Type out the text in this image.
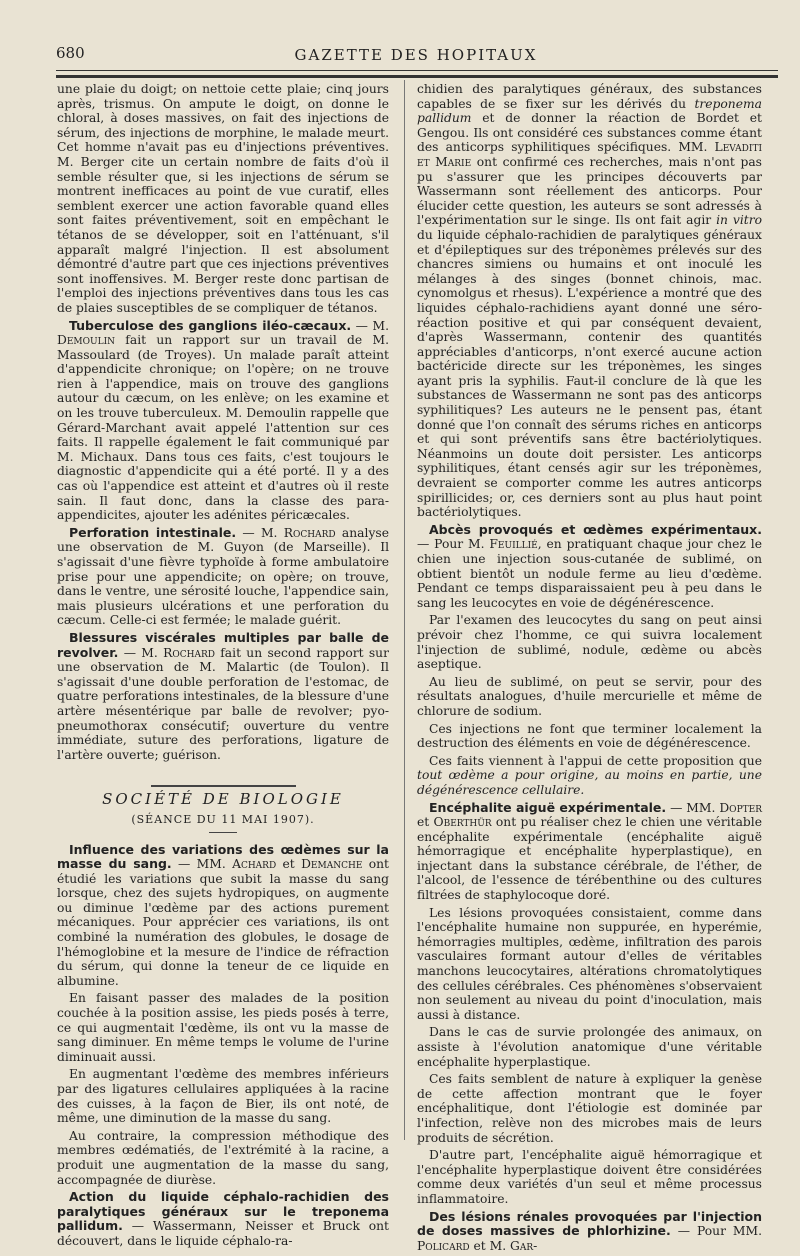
680	GAZETTE DES HOPITAUX

une plaie du doigt; on nettoie cette plaie; cinq jours après, trismus. On ampute le doigt, on donne le chloral, à doses massives, on fait des injections de sérum, des injections de morphine, le malade meurt. Cet homme n'avait pas eu d'injections préventives. M. Berger cite un certain nombre de faits d'où il semble résulter que, si les injections de sérum se montrent inefficaces au point de vue curatif, elles semblent exercer une action favorable quand elles sont faites préventivement, soit en empêchant le tétanos de se développer, soit en l'atténuant, s'il apparaît malgré l'injection. Il est absolument démontré d'autre part que ces injections préventives sont inoffensives. M. Berger reste donc partisan de l'emploi des injections préventives dans tous les cas de plaies susceptibles de se compliquer de tétanos.

Tuberculose des ganglions iléo-cæcaux. — M. Demoulin fait un rapport sur un travail de M. Massoulard (de Troyes). Un malade paraît atteint d'appendicite chronique; on l'opère; on ne trouve rien à l'appendice, mais on trouve des ganglions autour du cæcum, on les enlève; on les examine et on les trouve tuberculeux. M. Demoulin rappelle que Gérard-Marchant avait appelé l'attention sur ces faits. Il rappelle également le fait communiqué par M. Michaux. Dans tous ces faits, c'est toujours le diagnostic d'appendicite qui a été porté. Il y a des cas où l'appendice est atteint et d'autres où il reste sain. Il faut donc, dans la classe des para-appendicites, ajouter les adénites péricæcales.

Perforation intestinale. — M. Rochard analyse une observation de M. Guyon (de Marseille). Il s'agissait d'une fièvre typhoïde à forme ambulatoire prise pour une appendicite; on opère; on trouve, dans le ventre, une sérosité louche, l'appendice sain, mais plusieurs ulcérations et une perforation du cæcum. Celle-ci est fermée; le malade guérit.

Blessures viscérales multiples par balle de revolver. — M. Rochard fait un second rapport sur une observation de M. Malartic (de Toulon). Il s'agissait d'une double perforation de l'estomac, de quatre perforations intestinales, de la blessure d'une artère mésentérique par balle de revolver; pyo-pneumothorax consécutif; ouverture du ventre immédiate, suture des perforations, ligature de l'artère ouverte; guérison.

SOCIÉTÉ DE BIOLOGIE
(SÉANCE DU 11 MAI 1907).

Influence des variations des œdèmes sur la masse du sang. — MM. Achard et Demanche ont étudié les variations que subit la masse du sang lorsque, chez des sujets hydropiques, on augmente ou diminue l'œdème par des actions purement mécaniques. Pour apprécier ces variations, ils ont combiné la numération des globules, le dosage de l'hémoglobine et la mesure de l'indice de réfraction du sérum, qui donne la teneur de ce liquide en albumine.

En faisant passer des malades de la position couchée à la position assise, les pieds posés à terre, ce qui augmentait l'œdème, ils ont vu la masse de sang diminuer. En même temps le volume de l'urine diminuait aussi.

En augmentant l'œdème des membres inférieurs par des ligatures cellulaires appliquées à la racine des cuisses, à la façon de Bier, ils ont noté, de même, une diminution de la masse du sang.

Au contraire, la compression méthodique des membres œdématiés, de l'extrémité à la racine, a produit une augmentation de la masse du sang, accompagnée de diurèse.

Action du liquide céphalo-rachidien des paralytiques généraux sur le treponema pallidum. — Wassermann, Neisser et Bruck ont découvert, dans le liquide céphalo-ra-

chidien des paralytiques généraux, des substances capables de se fixer sur les dérivés du treponema pallidum et de donner la réaction de Bordet et Gengou. Ils ont considéré ces substances comme étant des anticorps syphilitiques spécifiques. MM. Levaditi et Marie ont confirmé ces recherches, mais n'ont pas pu s'assurer que les principes découverts par Wassermann sont réellement des anticorps. Pour élucider cette question, les auteurs se sont adressés à l'expérimentation sur le singe. Ils ont fait agir in vitro du liquide céphalo-rachidien de paralytiques généraux et d'épileptiques sur des tréponèmes prélevés sur des chancres simiens ou humains et ont inoculé les mélanges à des singes (bonnet chinois, mac. cynomolgus et rhesus). L'expérience a montré que des liquides céphalo-rachidiens ayant donné une séro-réaction positive et qui par conséquent devaient, d'après Wassermann, contenir des quantités appréciables d'anticorps, n'ont exercé aucune action bactéricide directe sur les tréponèmes, les singes ayant pris la syphilis. Faut-il conclure de là que les substances de Wassermann ne sont pas des anticorps syphilitiques? Les auteurs ne le pensent pas, étant donné que l'on connaît des sérums riches en anticorps et qui sont préventifs sans être bactériolytiques. Néanmoins un doute doit persister. Les anticorps syphilitiques, étant censés agir sur les tréponèmes, devraient se comporter comme les autres anticorps spirillicides; or, ces derniers sont au plus haut point bactériolytiques.

Abcès provoqués et œdèmes expérimentaux. — Pour M. Feuillié, en pratiquant chaque jour chez le chien une injection sous-cutanée de sublimé, on obtient bientôt un nodule ferme au lieu d'œdème. Pendant ce temps disparaissaient peu à peu dans le sang les leucocytes en voie de dégénérescence.

Par l'examen des leucocytes du sang on peut ainsi prévoir chez l'homme, ce qui suivra localement l'injection de sublimé, nodule, œdème ou abcès aseptique.

Au lieu de sublimé, on peut se servir, pour des résultats analogues, d'huile mercurielle et même de chlorure de sodium.

Ces injections ne font que terminer localement la destruction des éléments en voie de dégénérescence.

Ces faits viennent à l'appui de cette proposition que tout œdème a pour origine, au moins en partie, une dégénérescence cellulaire.

Encéphalite aiguë expérimentale. — MM. Dopter et Oberthür ont pu réaliser chez le chien une véritable encéphalite expérimentale (encéphalite aiguë hémorragique et encéphalite hyperplastique), en injectant dans la substance cérébrale, de l'éther, de l'alcool, de l'essence de térébenthine ou des cultures filtrées de staphylocoque doré.

Les lésions provoquées consistaient, comme dans l'encéphalite humaine non suppurée, en hyperémie, hémorragies multiples, œdème, infiltration des parois vasculaires formant autour d'elles de véritables manchons leucocytaires, altérations chromatolytiques des cellules cérébrales. Ces phénomènes s'observaient non seulement au niveau du point d'inoculation, mais aussi à distance.

Dans le cas de survie prolongée des animaux, on assiste à l'évolution anatomique d'une véritable encéphalite hyperplastique.

Ces faits semblent de nature à expliquer la genèse de cette affection montrant que le foyer encéphalitique, dont l'étiologie est dominée par l'infection, relève non des microbes mais de leurs produits de sécrétion.

D'autre part, l'encéphalite aiguë hémorragique et l'encéphalite hyperplastique doivent être considérées comme deux variétés d'un seul et même processus inflammatoire.

Des lésions rénales provoquées par l'injection de doses massives de phlorhizine. — Pour MM. Policard et M. Gar-
